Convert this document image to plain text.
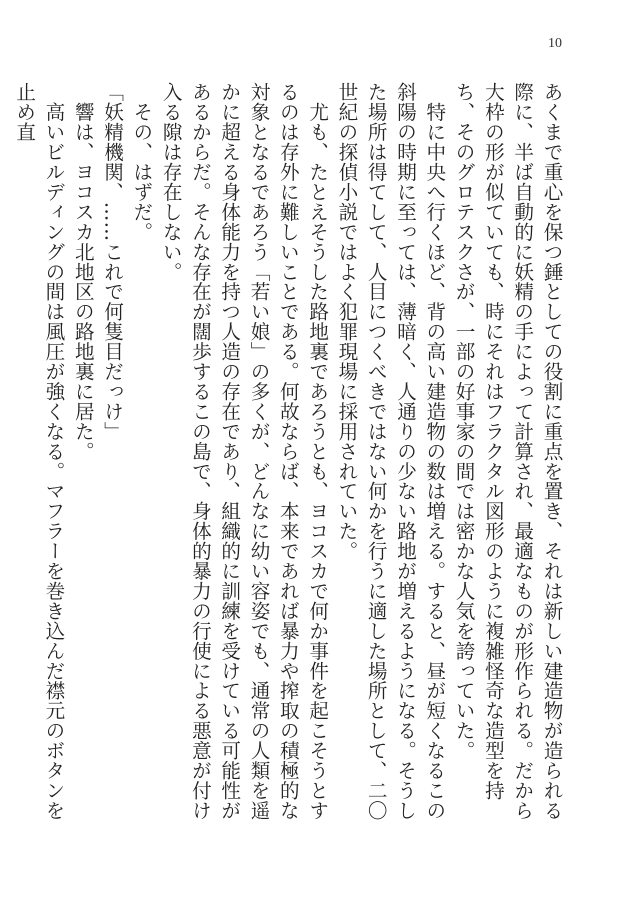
10

あくまで重心を保つ錘としての役割に重点を置き、それは新しい建造物が造られる際に、半ば自動的に妖精の手によって計算され、最適なものが形作られる。だから大枠の形が似ていても、時にそれはフラクタル図形のように複雑怪奇な造型を持ち、そのグロテスクさが、一部の好事家の間では密かな人気を誇っていた。

　特に中央へ行くほど、背の高い建造物の数は増える。すると、昼が短くなるこの斜陽の時期に至っては、薄暗く、人通りの少ない路地が増えるようになる。そうした場所は得てして、人目につくべきではない何かを行うに適した場所として、二〇世紀の探偵小説ではよく犯罪現場に採用されていた。

　尤も、たとえそうした路地裏であろうとも、ヨコスカで何か事件を起こそうとするのは存外に難しいことである。何故ならば、本来であれば暴力や搾取の積極的な対象となるであろう「若い娘」の多くが、どんなに幼い容姿でも、通常の人類を遥かに超える身体能力を持つ人造の存在であり、組織的に訓練を受けている可能性があるからだ。そんな存在が闊歩するこの島で、身体的暴力の行使による悪意が付け入る隙は存在しない。

　その、はずだ。

「妖精機関、……これで何隻目だっけ」

　響は、ヨコスカ北地区の路地裏に居た。

　高いビルディングの間は風圧が強くなる。マフラーを巻き込んだ襟元のボタンを止め直
